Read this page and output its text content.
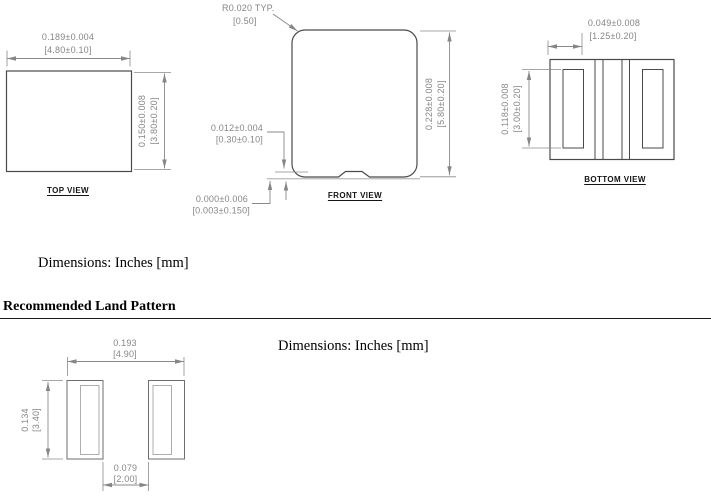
0.189±0.004
[4.80±0.10]
0.150±0.008 [3.80±0.20]
R0.020 TYP.
[0.50]
0.228±0.008 [5.80±0.20]
0.012±0.004
[0.30±0.10]
0.000±0.006
[0.003±0.150]
0.049±0.008
[1.25±0.20]
0.118±0.008 [3.00±0.20]
0.193
[4.90]
0.134 [3.40]
0.079
[2.00]
TOP VIEW
FRONT VIEW
BOTTOM VIEW
Dimensions: Inches [mm]
Recommended Land Pattern
Dimensions: Inches [mm]
